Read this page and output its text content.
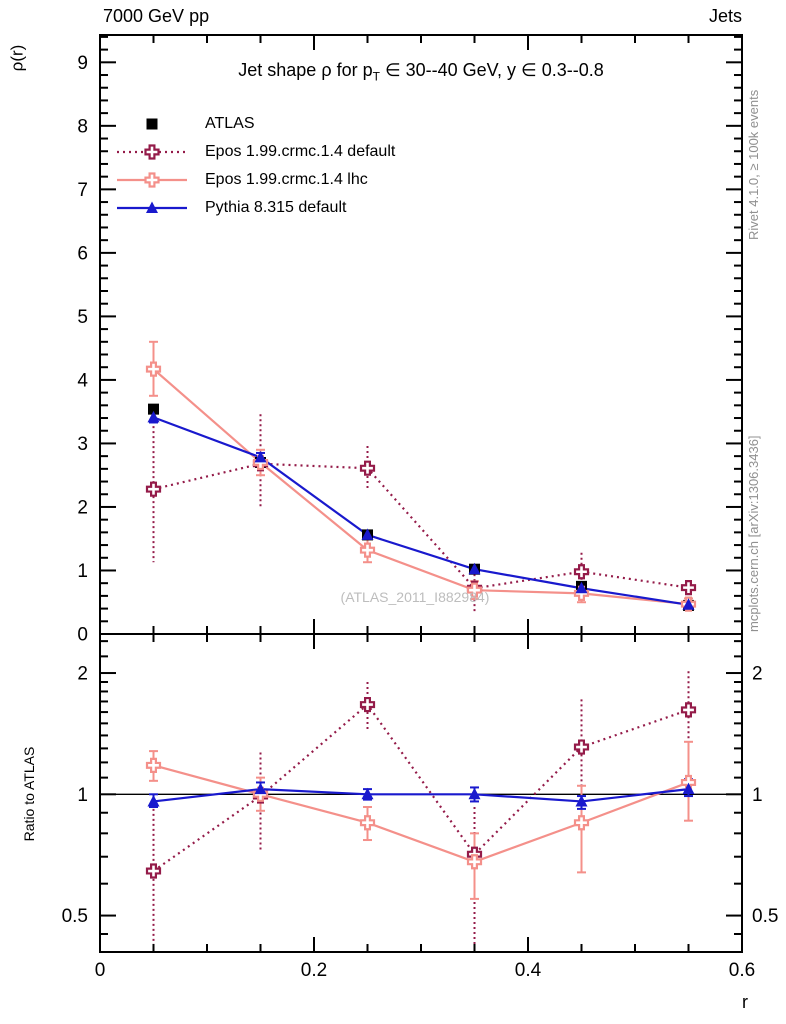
0
1
2
3
4
5
6
7
8
9
0.5	0.5
1	1
2	2
0	0.2	0.4	0.6
7000 GeV pp	Jets
Jet shape ρ for $p_T$ ∈ 30--40 GeV, y ∈ 0.3--0.8
ρ(r)
Ratio to ATLAS
r
Rivet 4.1.0, ≥ 100k events
mcplots.cern.ch [arXiv:1306.3436]
(ATLAS_2011_I882984)
ATLAS
Epos 1.99.crmc.1.4 default
Epos 1.99.crmc.1.4 lhc
Pythia 8.315 default
